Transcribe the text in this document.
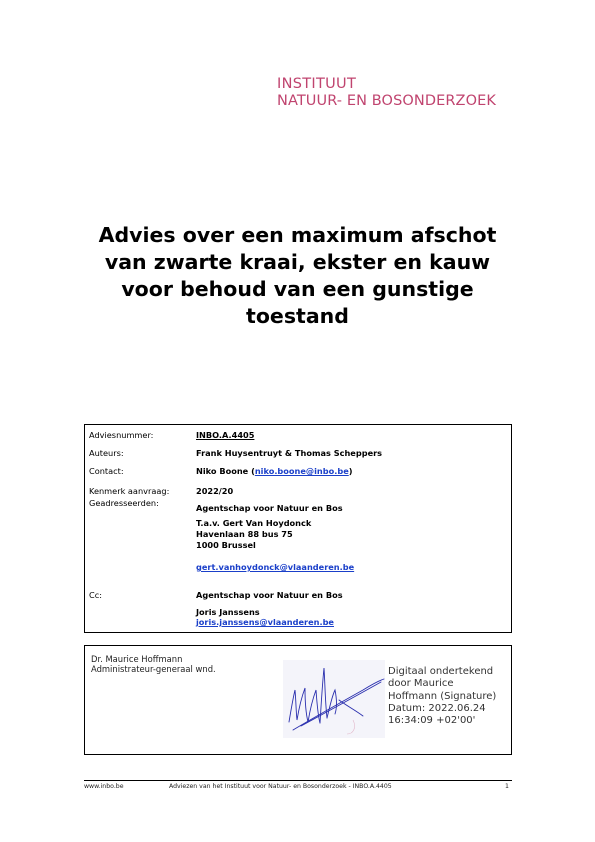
INSTITUUT
NATUUR- EN BOSONDERZOEK
Advies over een maximum afschot
van zwarte kraai, ekster en kauw
voor behoud van een gunstige
toestand
Adviesnummer:	INBO.A.4405
Auteurs:	Frank Huysentruyt & Thomas Scheppers
Contact:	Niko Boone (niko.boone@inbo.be)
Kenmerk aanvraag:	2022/20
Geadresseerden:	Agentschap voor Natuur en Bos
T.a.v. Gert Van Hoydonck
Havenlaan 88 bus 75
1000 Brussel
gert.vanhoydonck@vlaanderen.be
Cc:	Agentschap voor Natuur en Bos
Joris Janssens
joris.janssens@vlaanderen.be
Dr. Maurice Hoffmann
Administrateur-generaal wnd.	Digitaal ondertekend
door Maurice
Hoffmann (Signature)
Datum: 2022.06.24
16:34:09 +02'00'
www.inbo.be	Adviezen van het Instituut voor Natuur- en Bosonderzoek - INBO.A.4405	1
